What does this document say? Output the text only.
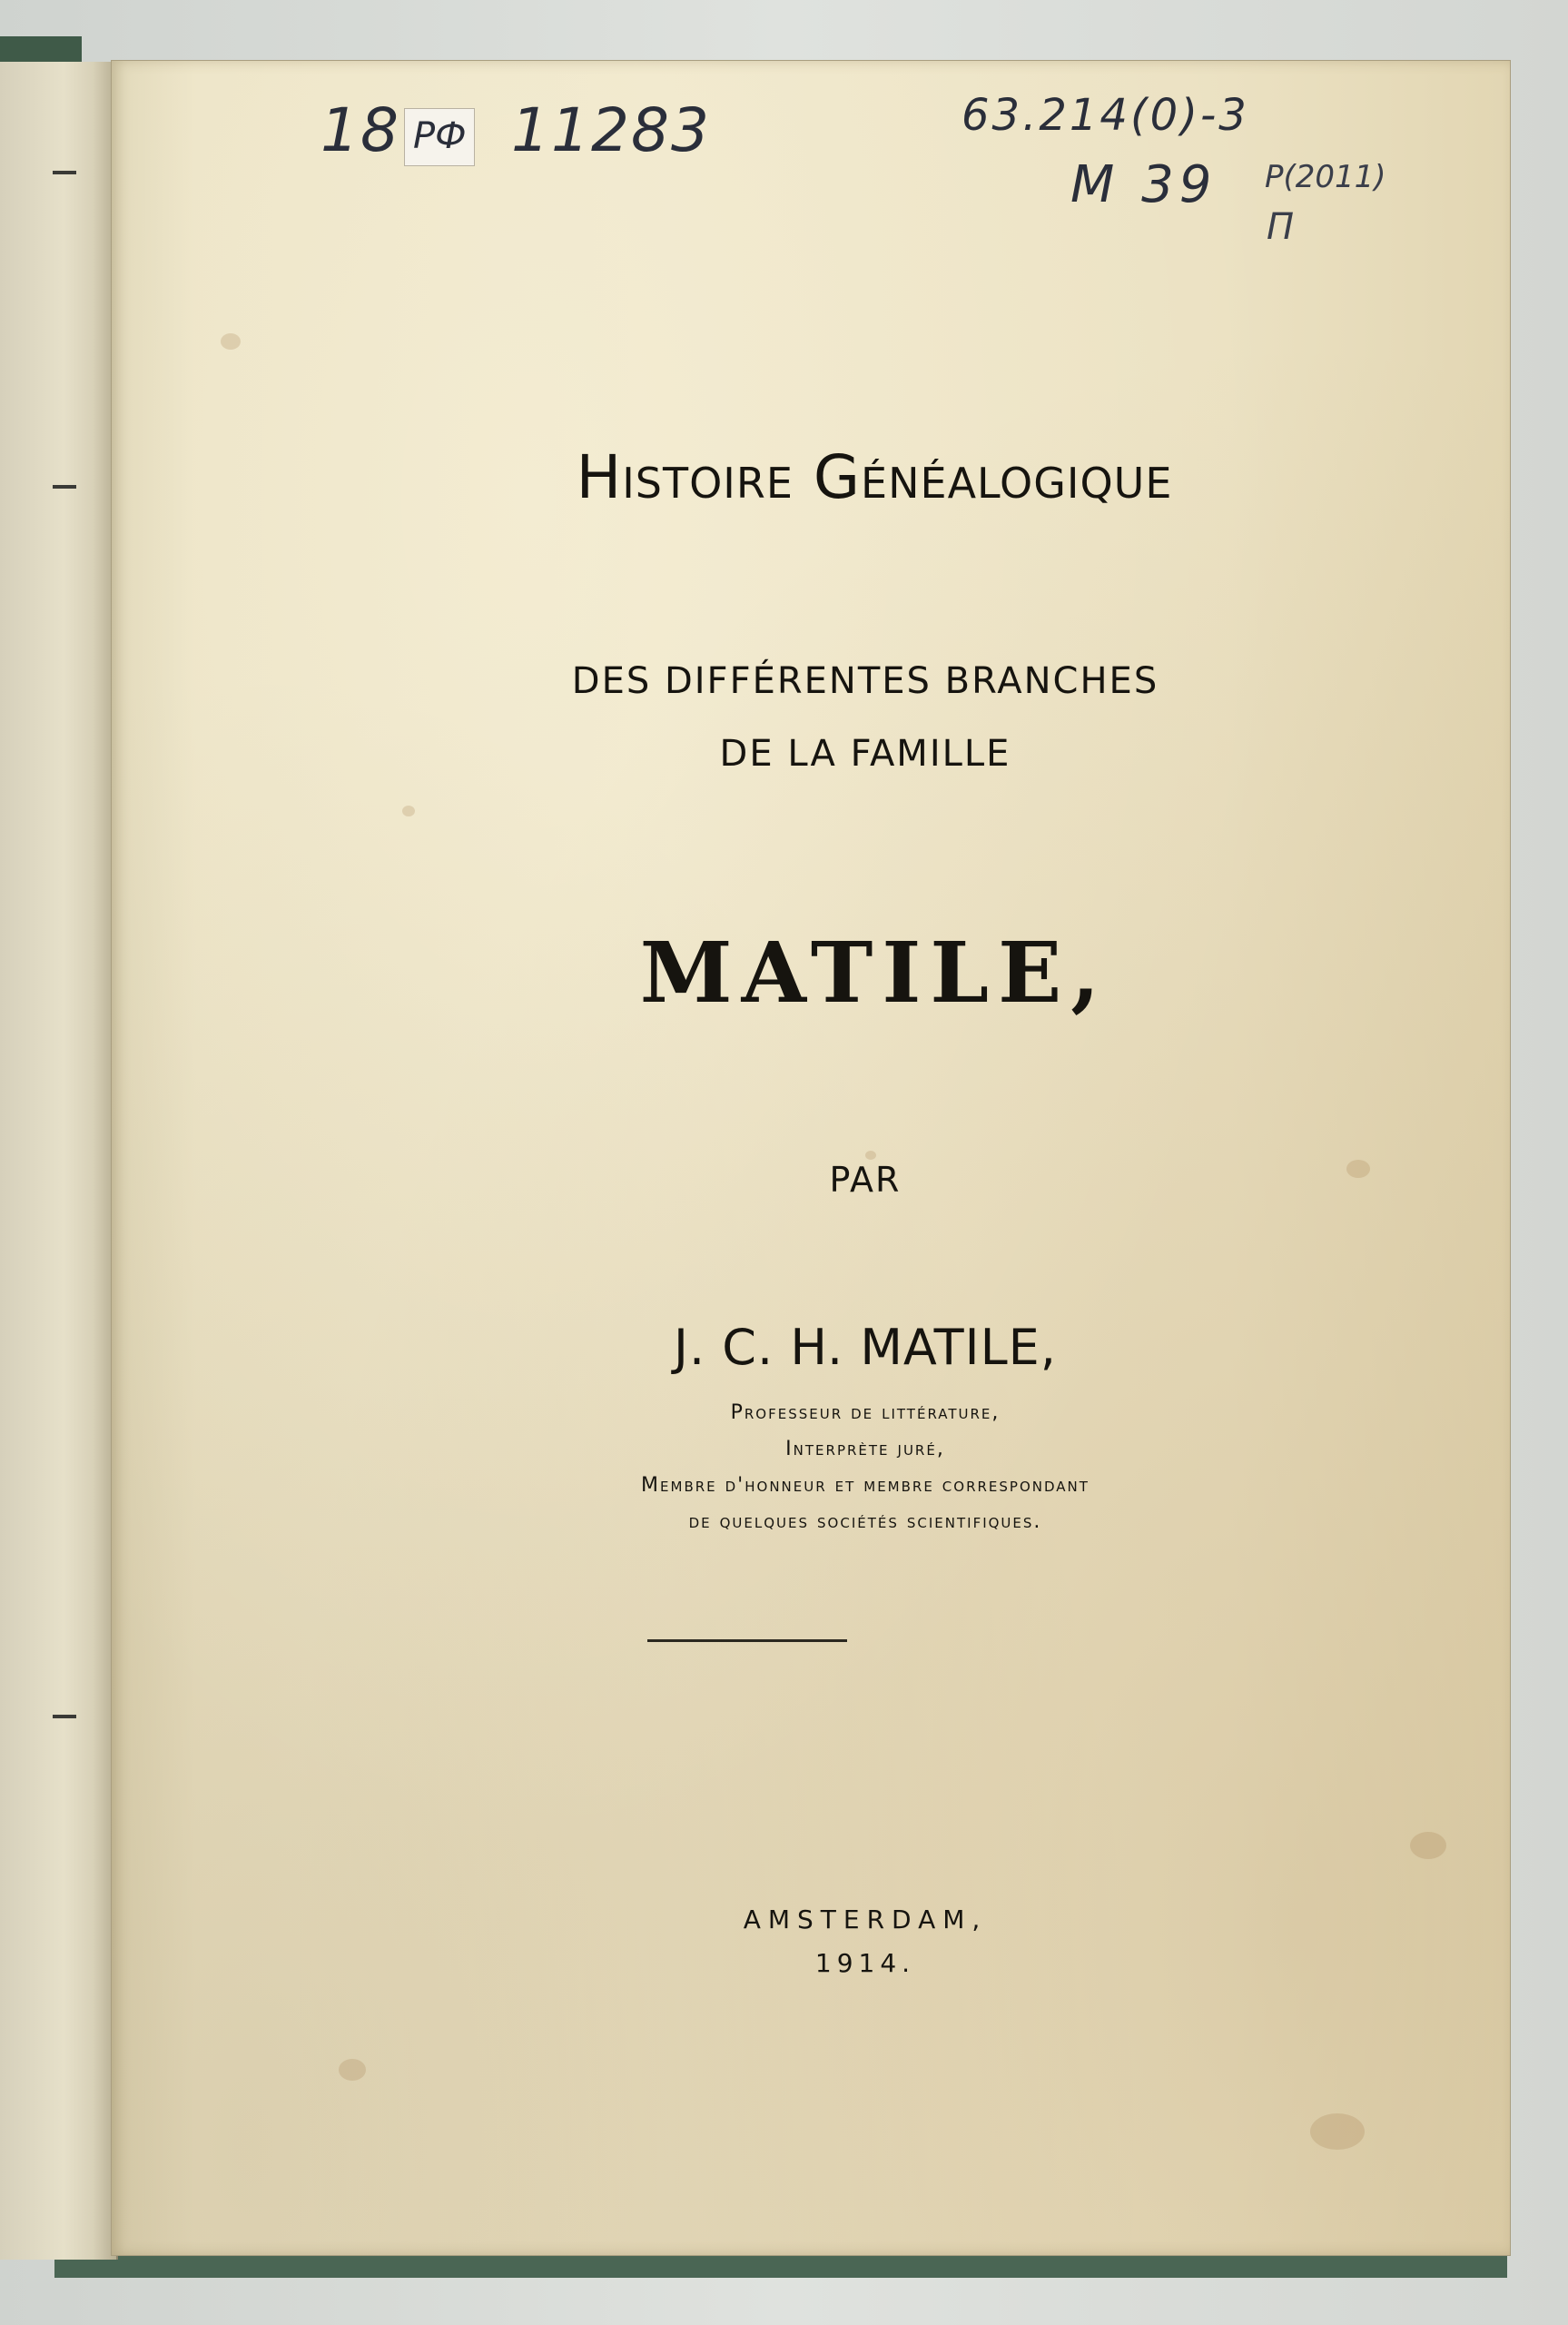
18 РФ 11283	63.214(0)-3
М 39 Р(2011)
П
Histoire Généalogique
DES DIFFÉRENTES BRANCHES
DE LA FAMILLE
MATILE,
PAR
J. C. H. MATILE,
Professeur de littérature,
Interprète juré,
Membre d'honneur et membre correspondant
de quelques sociétés scientifiques.
AMSTERDAM,
1914.
